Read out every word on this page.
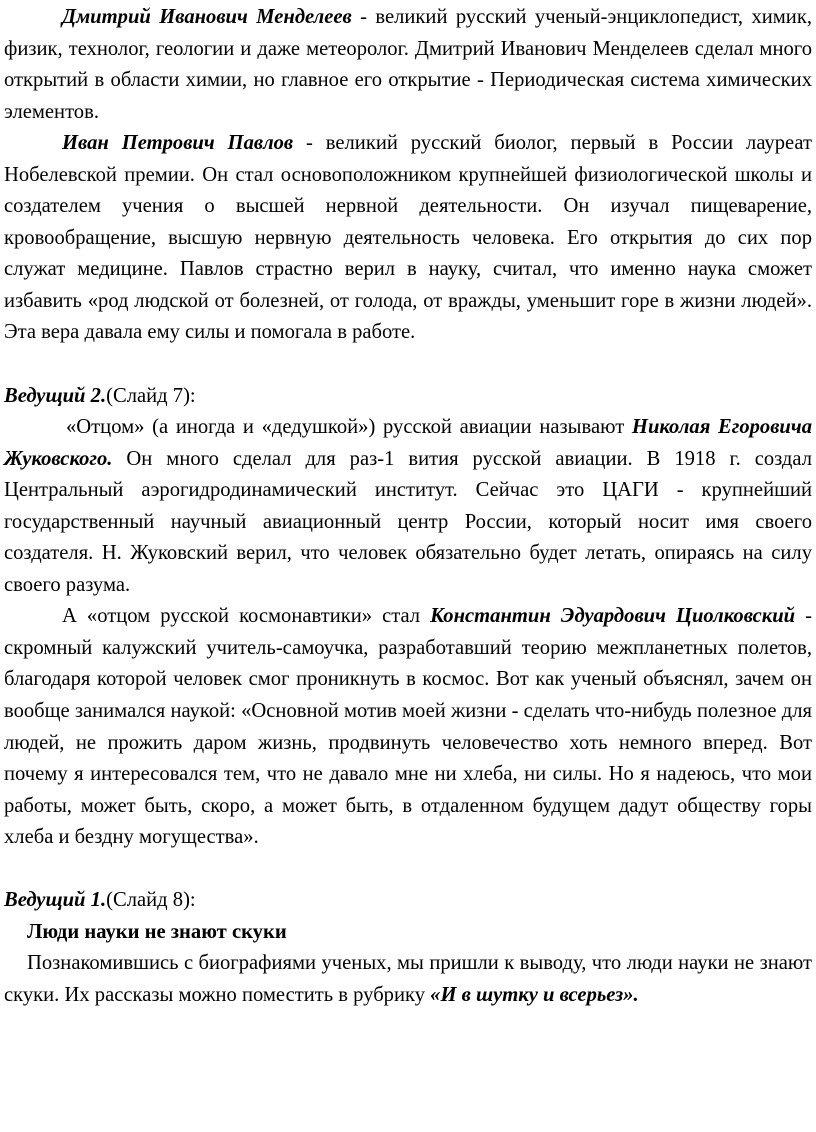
Дмитрий Иванович Менделеев - великий русский ученый-энциклопедист, химик, физик, технолог, геологии и даже метеоролог. Дмитрий Иванович Менделеев сделал много открытий в области химии, но главное его открытие - Периодическая система химических элементов.

Иван Петрович Павлов - великий русский биолог, первый в России лауреат Нобелевской премии. Он стал основоположником крупнейшей физиологической школы и создателем учения о высшей нервной деятельности. Он изучал пищеварение, кровообращение, высшую нервную деятельность человека. Его открытия до сих пор служат медицине. Павлов страстно верил в науку, считал, что именно наука сможет избавить «род людской от болезней, от голода, от вражды, уменьшит горе в жизни людей». Эта вера давала ему силы и помогала в работе.

Ведущий 2.(Слайд 7):

«Отцом» (а иногда и «дедушкой») русской авиации называют Николая Егоровича Жуковского. Он много сделал для раз-1 вития русской авиации. В 1918 г. создал Центральный аэрогидродинамический институт. Сейчас это ЦАГИ - крупнейший государственный научный авиационный центр России, который носит имя своего создателя. Н. Жуковский верил, что человек обязательно будет летать, опираясь на силу своего разума.

А «отцом русской космонавтики» стал Константин Эдуардович Циолковский - скромный калужский учитель-самоучка, разработавший теорию межпланетных полетов, благодаря которой человек смог проникнуть в космос. Вот как ученый объяснял, зачем он вообще занимался наукой: «Основной мотив моей жизни - сделать что-нибудь полезное для людей, не прожить даром жизнь, продвинуть человечество хоть немного вперед. Вот почему я интересовался тем, что не давало мне ни хлеба, ни силы. Но я надеюсь, что мои работы, может быть, скоро, а может быть, в отдаленном будущем дадут обществу горы хлеба и бездну могущества».

Ведущий 1.(Слайд 8):

Люди науки не знают скуки

Познакомившись с биографиями ученых, мы пришли к выводу, что люди науки не знают скуки. Их рассказы можно поместить в рубрику «И в шутку и всерьез».
